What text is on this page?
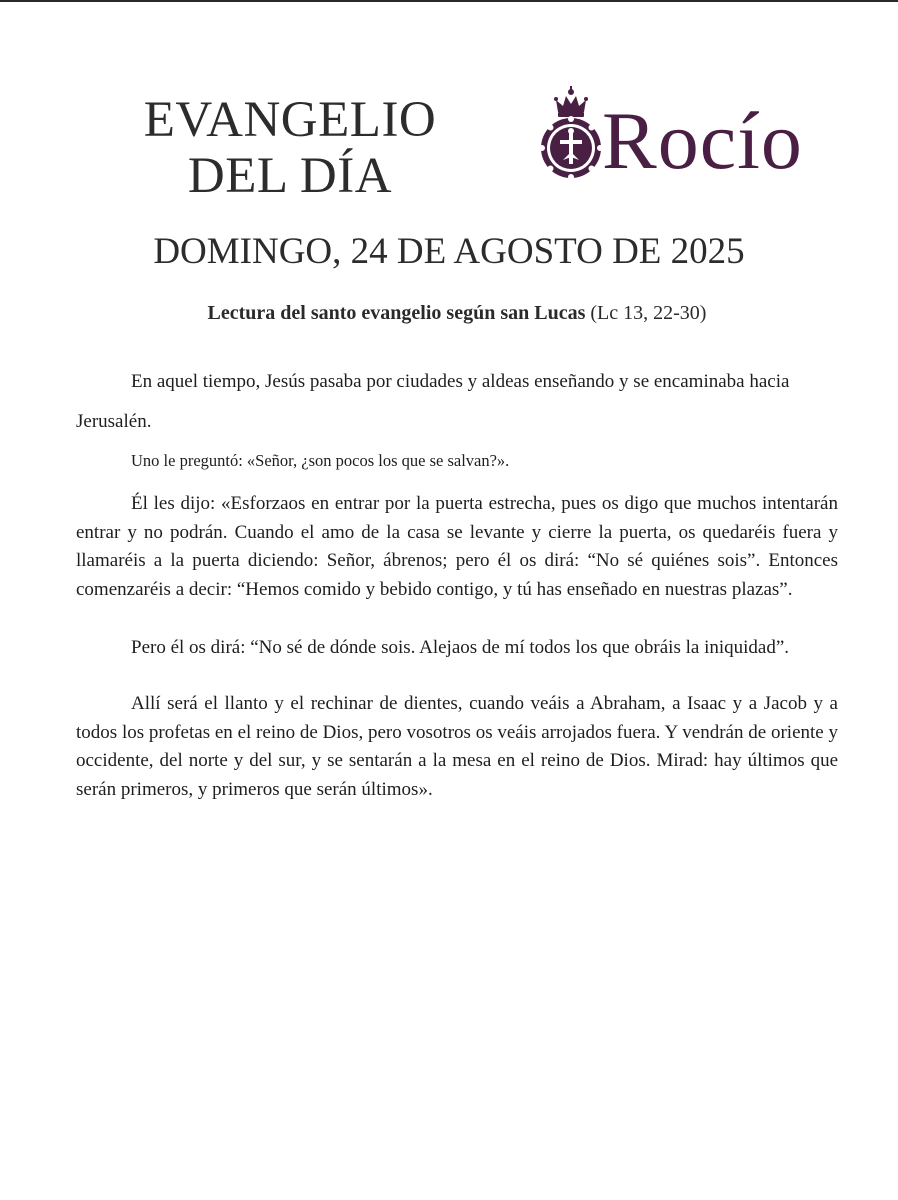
EVANGELIO
DEL DÍA	Rocío
DOMINGO, 24 DE AGOSTO DE 2025
Lectura del santo evangelio según san Lucas (Lc 13, 22-30)
En aquel tiempo, Jesús pasaba por ciudades y aldeas enseñando y se encaminaba hacia Jerusalén.
Uno le preguntó: «Señor, ¿son pocos los que se salvan?».
Él les dijo: «Esforzaos en entrar por la puerta estrecha, pues os digo que muchos intentarán entrar y no podrán. Cuando el amo de la casa se levante y cierre la puerta, os quedaréis fuera y llamaréis a la puerta diciendo: Señor, ábrenos; pero él os dirá: “No sé quiénes sois”. Entonces comenzaréis a decir: “Hemos comido y bebido contigo, y tú has enseñado en nuestras plazas”.
Pero él os dirá: “No sé de dónde sois. Alejaos de mí todos los que obráis la iniquidad”.
Allí será el llanto y el rechinar de dientes, cuando veáis a Abraham, a Isaac y a Jacob y a todos los profetas en el reino de Dios, pero vosotros os veáis arrojados fuera. Y vendrán de oriente y occidente, del norte y del sur, y se sentarán a la mesa en el reino de Dios. Mirad: hay últimos que serán primeros, y primeros que serán últimos».
